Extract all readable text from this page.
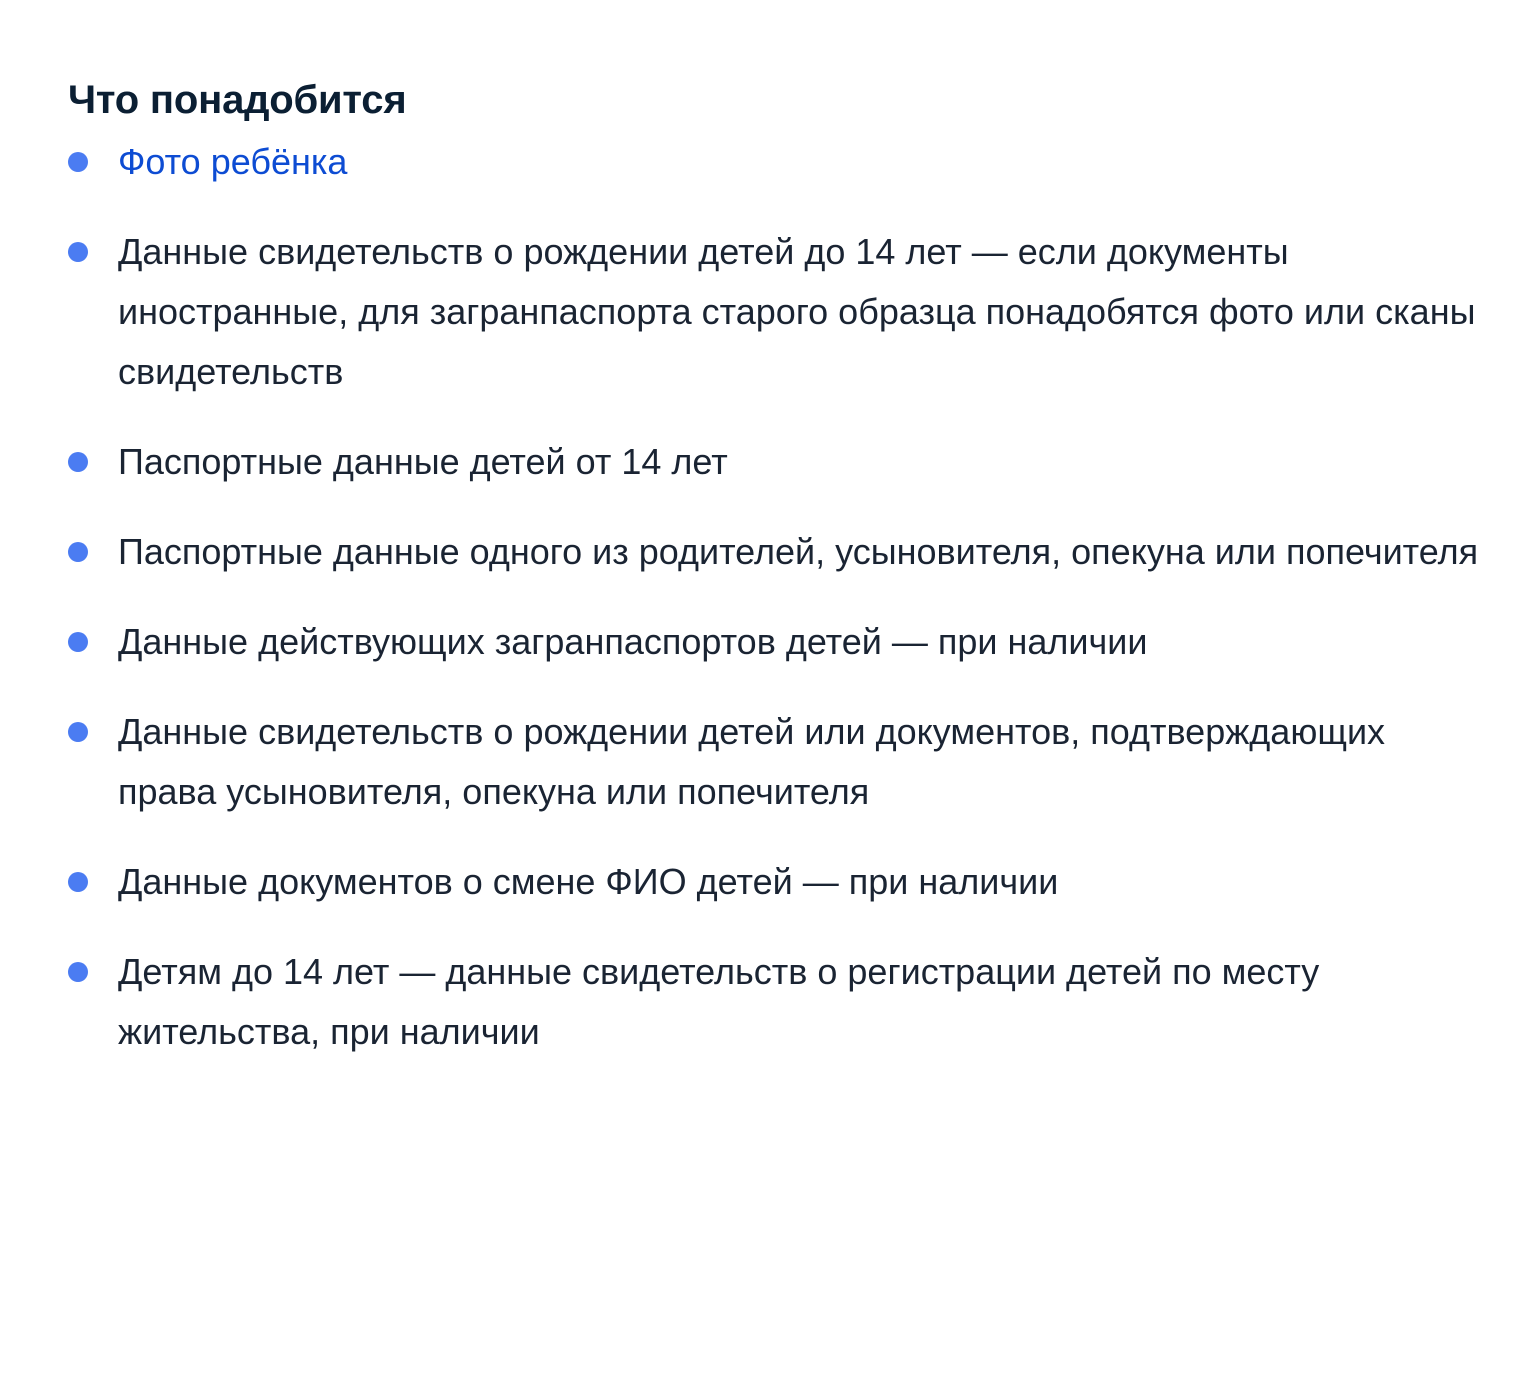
Что понадобится
Фото ребёнка
Данные свидетельств о рождении детей до 14 лет — если документы иностранные, для загранпаспорта старого образца понадобятся фото или сканы свидетельств
Паспортные данные детей от 14 лет
Паспортные данные одного из родителей, усыновителя, опекуна или попечителя
Данные действующих загранпаспортов детей — при наличии
Данные свидетельств о рождении детей или документов, подтверждающих права усыновителя, опекуна или попечителя
Данные документов о смене ФИО детей — при наличии
Детям до 14 лет — данные свидетельств о регистрации детей по месту жительства, при наличии
